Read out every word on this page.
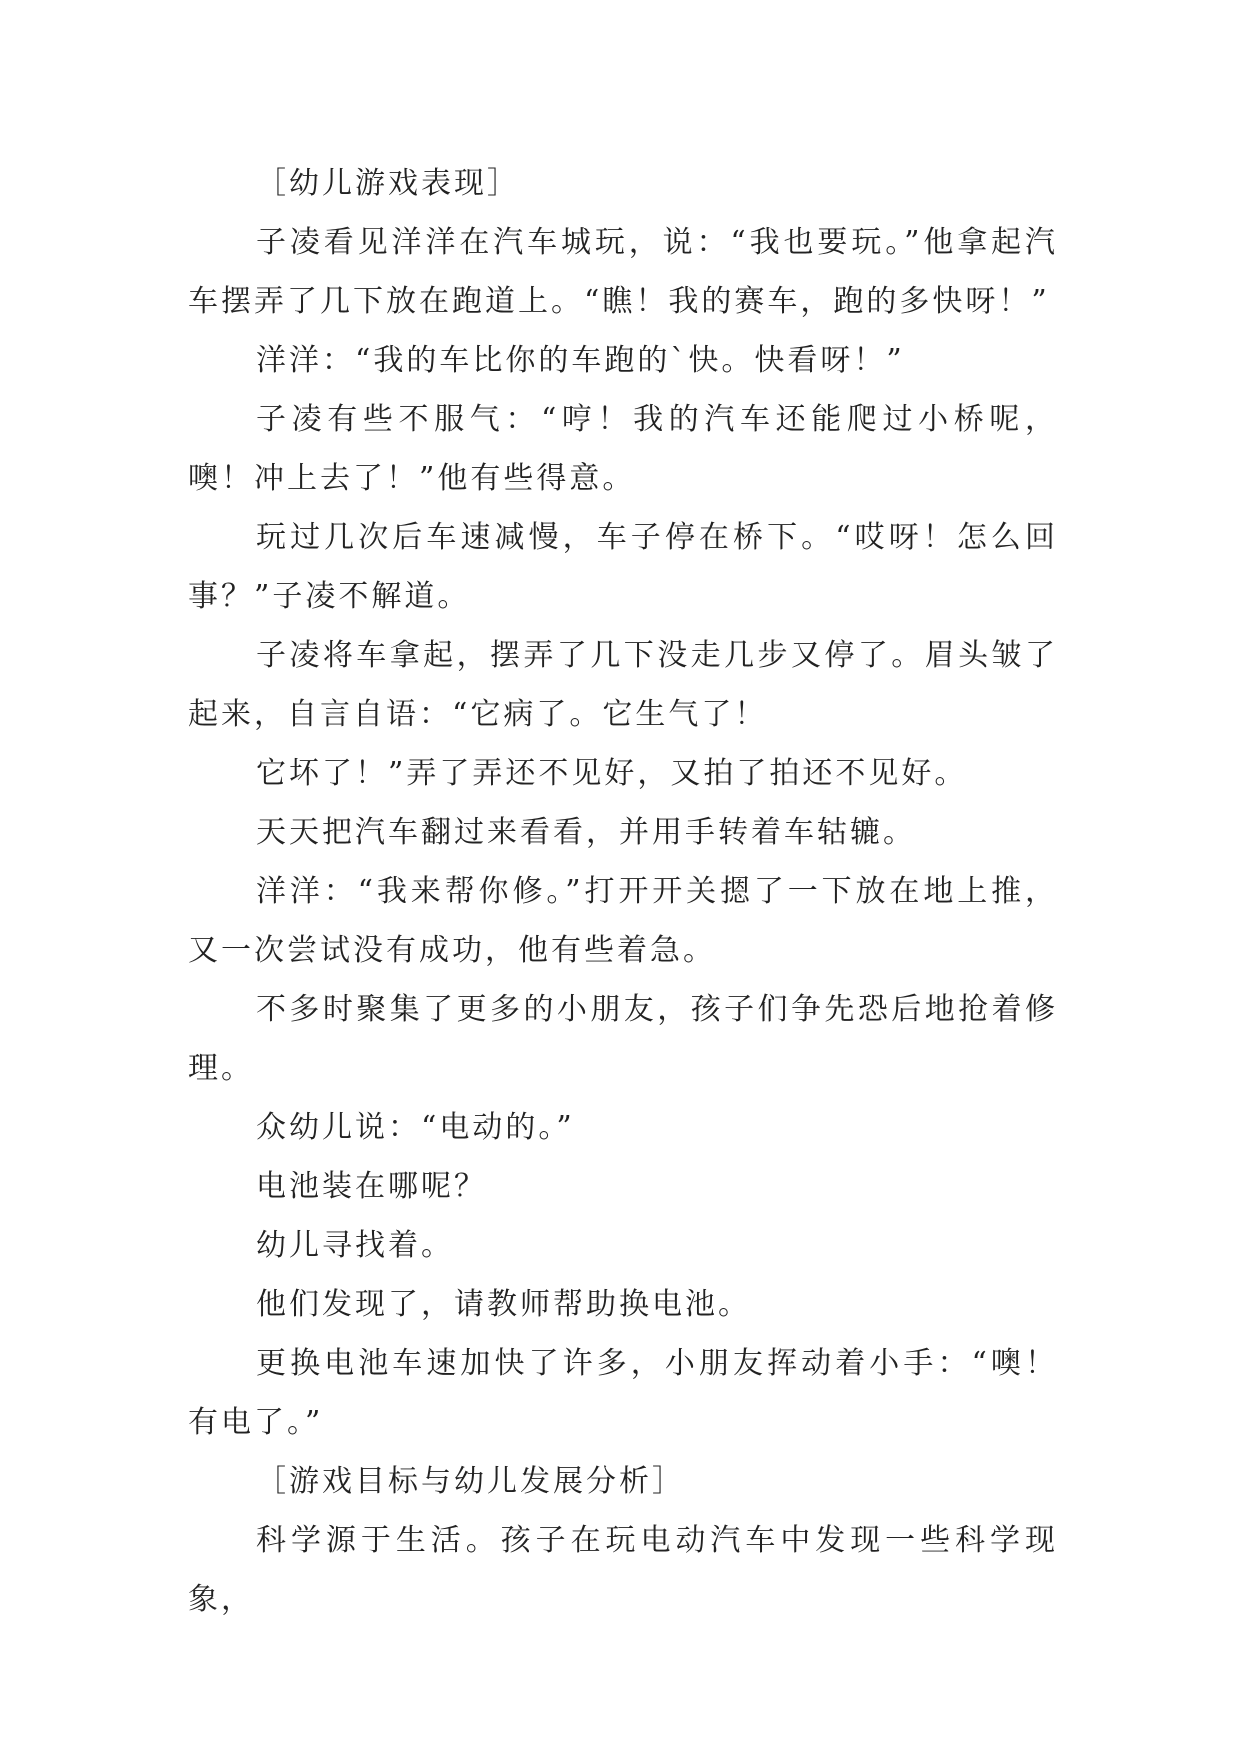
［幼儿游戏表现］

子凌看见洋洋在汽车城玩，说：“我也要玩。”他拿起汽车摆弄了几下放在跑道上。“瞧！我的赛车，跑的多快呀！”

洋洋：“我的车比你的车跑的`快。快看呀！”

子凌有些不服气：“哼！我的汽车还能爬过小桥呢，噢！冲上去了！”他有些得意。

玩过几次后车速减慢，车子停在桥下。“哎呀！怎么回事？”子凌不解道。

子凌将车拿起，摆弄了几下没走几步又停了。眉头皱了起来，自言自语：“它病了。它生气了！

它坏了！”弄了弄还不见好，又拍了拍还不见好。

天天把汽车翻过来看看，并用手转着车轱辘。

洋洋：“我来帮你修。”打开开关摁了一下放在地上推，又一次尝试没有成功，他有些着急。

不多时聚集了更多的小朋友，孩子们争先恐后地抢着修理。

众幼儿说：“电动的。”

电池装在哪呢？

幼儿寻找着。

他们发现了，请教师帮助换电池。

更换电池车速加快了许多，小朋友挥动着小手：“噢！有电了。”

［游戏目标与幼儿发展分析］

科学源于生活。孩子在玩电动汽车中发现一些科学现象，
